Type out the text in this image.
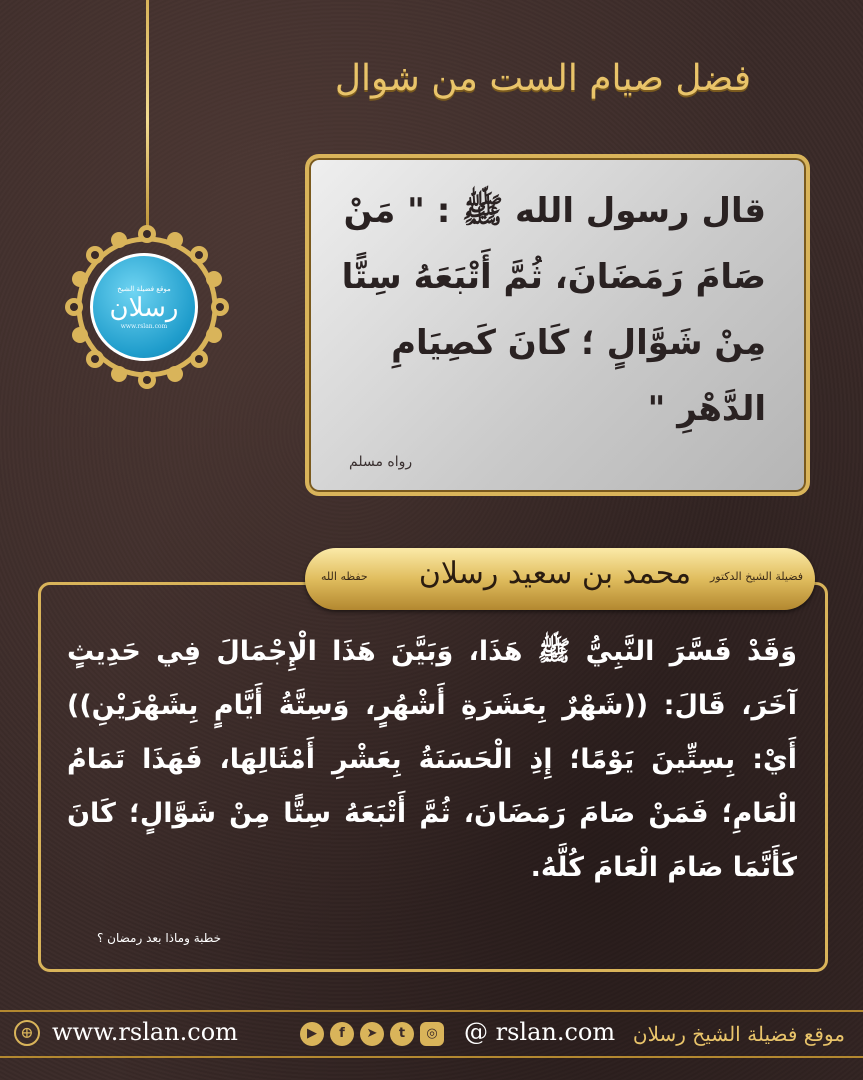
موقع فضيلة الشيخ
رسلان
www.rslan.com
فضل صيام الست من شوال
قال رسول الله ﷺ : " مَنْ صَامَ رَمَضَانَ، ثُمَّ أَتْبَعَهُ سِتًّا مِنْ شَوَّالٍ ؛ كَانَ كَصِيَامِ الدَّهْرِ "
رواه مسلم
وَقَدْ فَسَّرَ النَّبِيُّ ﷺ هَذَا، وَبَيَّنَ هَذَا الْإِجْمَالَ فِي حَدِيثٍ آخَرَ، قَالَ: ((شَهْرٌ بِعَشَرَةِ أَشْهُرٍ، وَسِتَّةُ أَيَّامٍ بِشَهْرَيْنِ)) أَيْ: بِسِتِّينَ يَوْمًا؛ إِذِ الْحَسَنَةُ بِعَشْرِ أَمْثَالِهَا، فَهَذَا تَمَامُ الْعَامِ؛ فَمَنْ صَامَ رَمَضَانَ، ثُمَّ أَتْبَعَهُ سِتًّا مِنْ شَوَّالٍ؛ كَانَ كَأَنَّمَا صَامَ الْعَامَ كُلَّهُ.
خطبة وماذا بعد رمضان ؟
فضيلة الشيخ الدكتور
محمد بن سعيد رسلان
حفظه الله
⊕ www.rslan.com	▶	f	➤	t	◎ @ rslan.com موقع فضيلة الشيخ رسلان
